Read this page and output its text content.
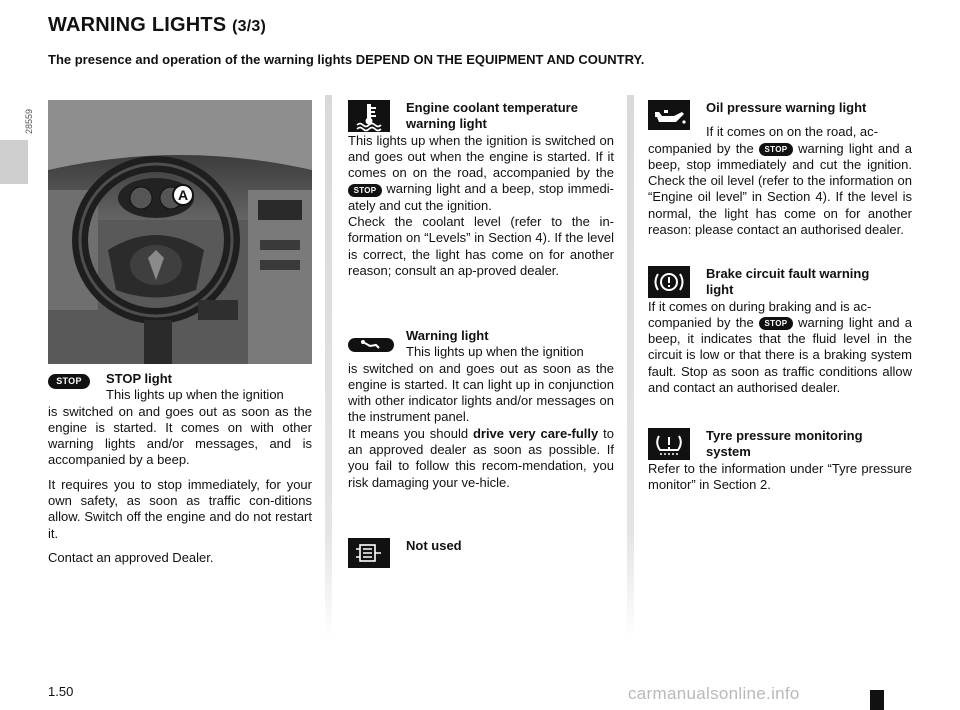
WARNING LIGHTS (3/3)
The presence and operation of the warning lights DEPEND ON THE EQUIPMENT AND COUNTRY.
28559
A
STOP	STOP light
This lights up when the ignition
is switched on and goes out as soon as the engine is started. It comes on with other warning lights and/or messages, and is accompanied by a beep.
It requires you to stop immediately, for your own safety, as soon as traffic con-ditions allow. Switch off the engine and do not restart it.
Contact an approved Dealer.
Engine coolant temperature
warning light
This lights up when the ignition is switched on and goes out when the engine is started. If it comes on on the road, accompanied by the STOP warning light and a beep, stop immedi-ately and cut the ignition.
Check the coolant level (refer to the in-formation on “Levels” in Section 4). If the level is correct, the light has come on for another reason; consult an ap-proved dealer.
Warning light
This lights up when the ignition
is switched on and goes out as soon as the engine is started. It can light up in conjunction with other indicator lights and/or messages on the instrument panel.
It means you should drive very care-fully to an approved dealer as soon as possible. If you fail to follow this recom-mendation, you risk damaging your ve-hicle.
Not used
Oil pressure warning light
If it comes on on the road, ac-
companied by the STOP warning light and a beep, stop immediately and cut the ignition. Check the oil level (refer to the information on “Engine oil level” in Section 4). If the level is normal, the light has come on for another reason: please contact an authorised dealer.
Brake circuit fault warning
light
If it comes on during braking and is ac-
companied by the STOP warning light and a beep, it indicates that the fluid level in the circuit is low or that there is a braking system fault. Stop as soon as traffic conditions allow and contact an authorised dealer.
Tyre pressure monitoring
system
Refer to the information under “Tyre pressure monitor” in Section 2.
1.50	carmanualsonline.info
